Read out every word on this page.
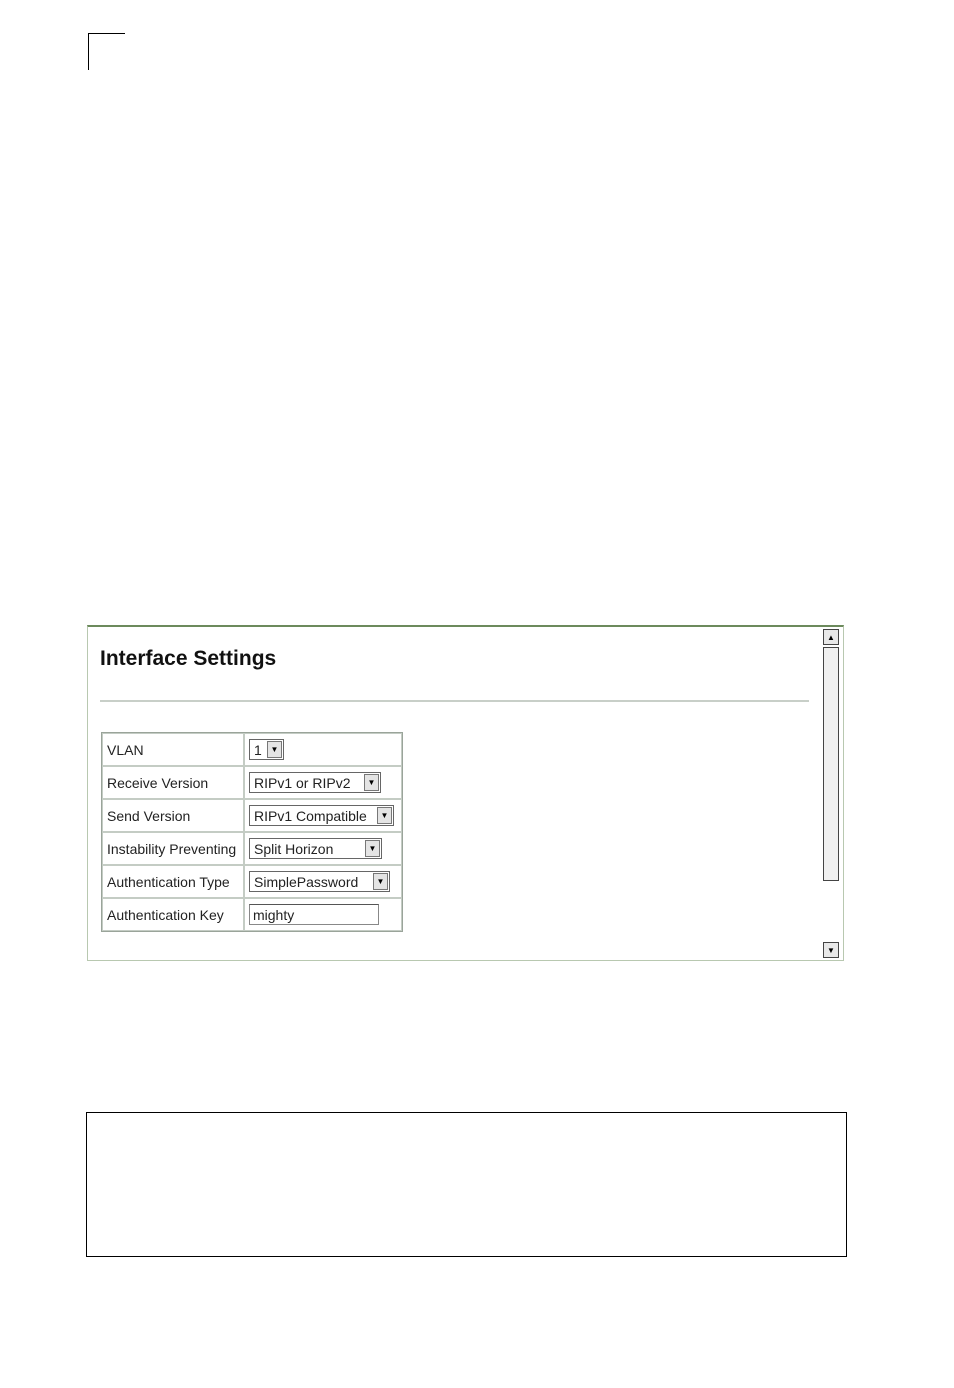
Interface Settings
VLAN	1 ▼

Receive Version	RIPv1 or RIPv2 ▼

Send Version	RIPv1 Compatible ▼

Instability Preventing	Split Horizon ▼

Authentication Type	SimplePassword ▼

Authentication Key	mighty
▲
▼
